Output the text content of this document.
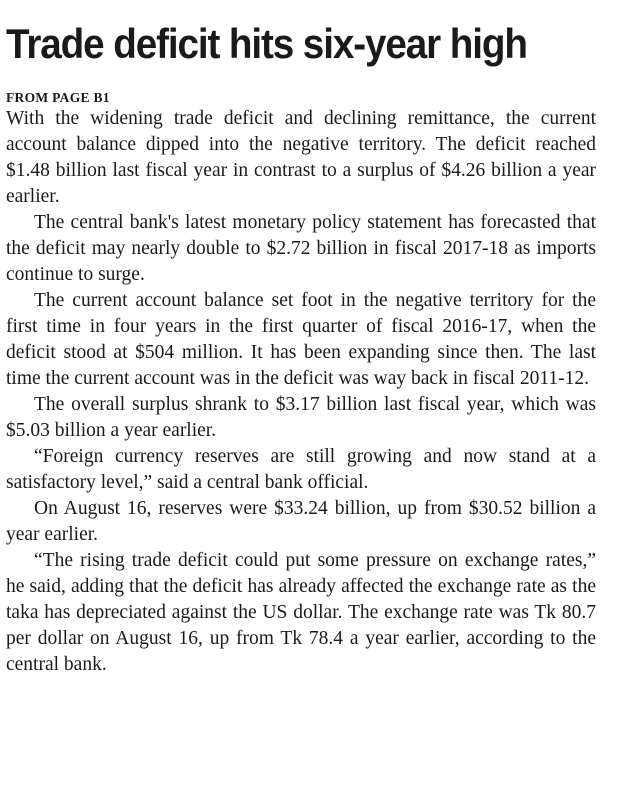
Trade deficit hits six-year high
FROM PAGE B1

With the widening trade deficit and declining remittance, the current account balance dipped into the negative territory. The deficit reached $1.48 billion last fiscal year in contrast to a surplus of $4.26 billion a year earlier.

The central bank's latest monetary policy statement has forecasted that the deficit may nearly double to $2.72 billion in fiscal 2017-18 as imports continue to surge.

The current account balance set foot in the negative territory for the first time in four years in the first quarter of fiscal 2016-17, when the deficit stood at $504 million. It has been expanding since then. The last time the current account was in the deficit was way back in fiscal 2011-12.

The overall surplus shrank to $3.17 billion last fiscal year, which was $5.03 billion a year earlier.

“Foreign currency reserves are still growing and now stand at a satisfactory level,” said a central bank official.

On August 16, reserves were $33.24 billion, up from $30.52 billion a year earlier.

“The rising trade deficit could put some pressure on exchange rates,” he said, adding that the deficit has already affected the exchange rate as the taka has depreciated against the US dollar. The exchange rate was Tk 80.7 per dollar on August 16, up from Tk 78.4 a year earlier, according to the central bank.
